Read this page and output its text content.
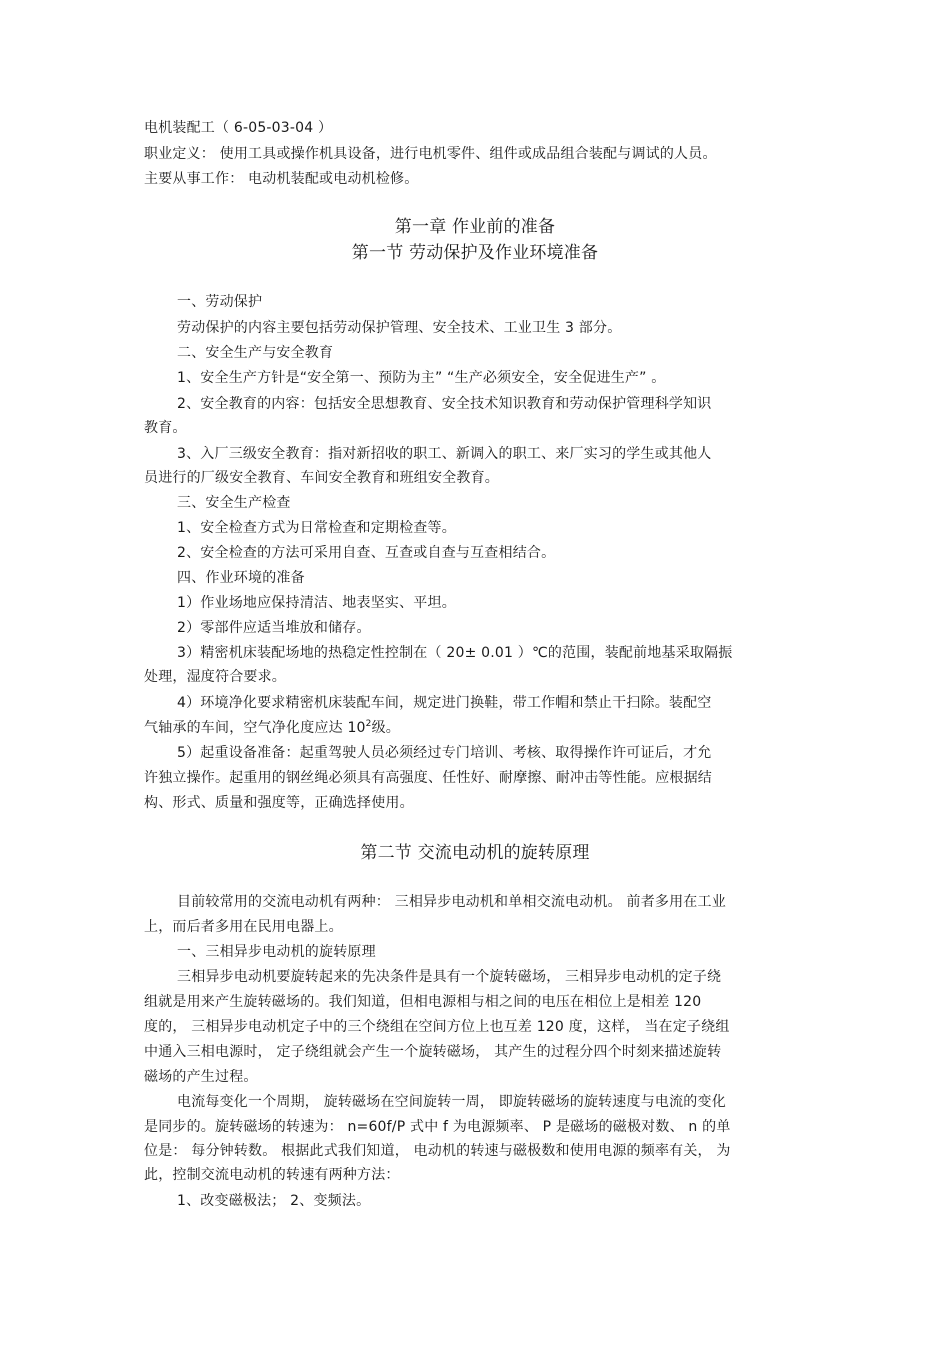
电机装配工（ 6-05-03-04 ）
职业定义： 使用工具或操作机具设备，进行电机零件、组件或成品组合装配与调试的人员。
主要从事工作： 电动机装配或电动机检修。
第一章 作业前的准备
第一节 劳动保护及作业环境准备
一、劳动保护
劳动保护的内容主要包括劳动保护管理、安全技术、工业卫生 3 部分。
二、安全生产与安全教育
1、安全生产方针是“安全第一、预防为主” “生产必须安全，安全促进生产” 。
2、安全教育的内容：包括安全思想教育、安全技术知识教育和劳动保护管理科学知识
教育。
3、入厂三级安全教育：指对新招收的职工、新调入的职工、来厂实习的学生或其他人
员进行的厂级安全教育、车间安全教育和班组安全教育。
三、安全生产检查
1、安全检查方式为日常检查和定期检查等。
2、安全检查的方法可采用自查、互查或自查与互查相结合。
四、作业环境的准备
1）作业场地应保持清洁、地表坚实、平坦。
2）零部件应适当堆放和储存。
3）精密机床装配场地的热稳定性控制在（ 20± 0.01 ）℃的范围，装配前地基采取隔振
处理，湿度符合要求。
4）环境净化要求精密机床装配车间，规定进门换鞋，带工作帽和禁止干扫除。装配空
气轴承的车间，空气净化度应达 $10^2$级。
5）起重设备准备：起重驾驶人员必须经过专门培训、考核、取得操作许可证后，才允
许独立操作。起重用的钢丝绳必须具有高强度、任性好、耐摩擦、耐冲击等性能。应根据结
构、形式、质量和强度等，正确选择使用。
第二节 交流电动机的旋转原理
目前较常用的交流电动机有两种： 三相异步电动机和单相交流电动机。 前者多用在工业
上，而后者多用在民用电器上。
一、三相异步电动机的旋转原理
三相异步电动机要旋转起来的先决条件是具有一个旋转磁场， 三相异步电动机的定子绕
组就是用来产生旋转磁场的。我们知道，但相电源相与相之间的电压在相位上是相差 120
度的， 三相异步电动机定子中的三个绕组在空间方位上也互差 120 度，这样， 当在定子绕组
中通入三相电源时， 定子绕组就会产生一个旋转磁场， 其产生的过程分四个时刻来描述旋转
磁场的产生过程。
电流每变化一个周期， 旋转磁场在空间旋转一周， 即旋转磁场的旋转速度与电流的变化
是同步的。旋转磁场的转速为： n=60f/P 式中 f 为电源频率、 P 是磁场的磁极对数、 n 的单
位是： 每分钟转数。 根据此式我们知道， 电动机的转速与磁极数和使用电源的频率有关， 为
此，控制交流电动机的转速有两种方法：
1、改变磁极法； 2、变频法。
